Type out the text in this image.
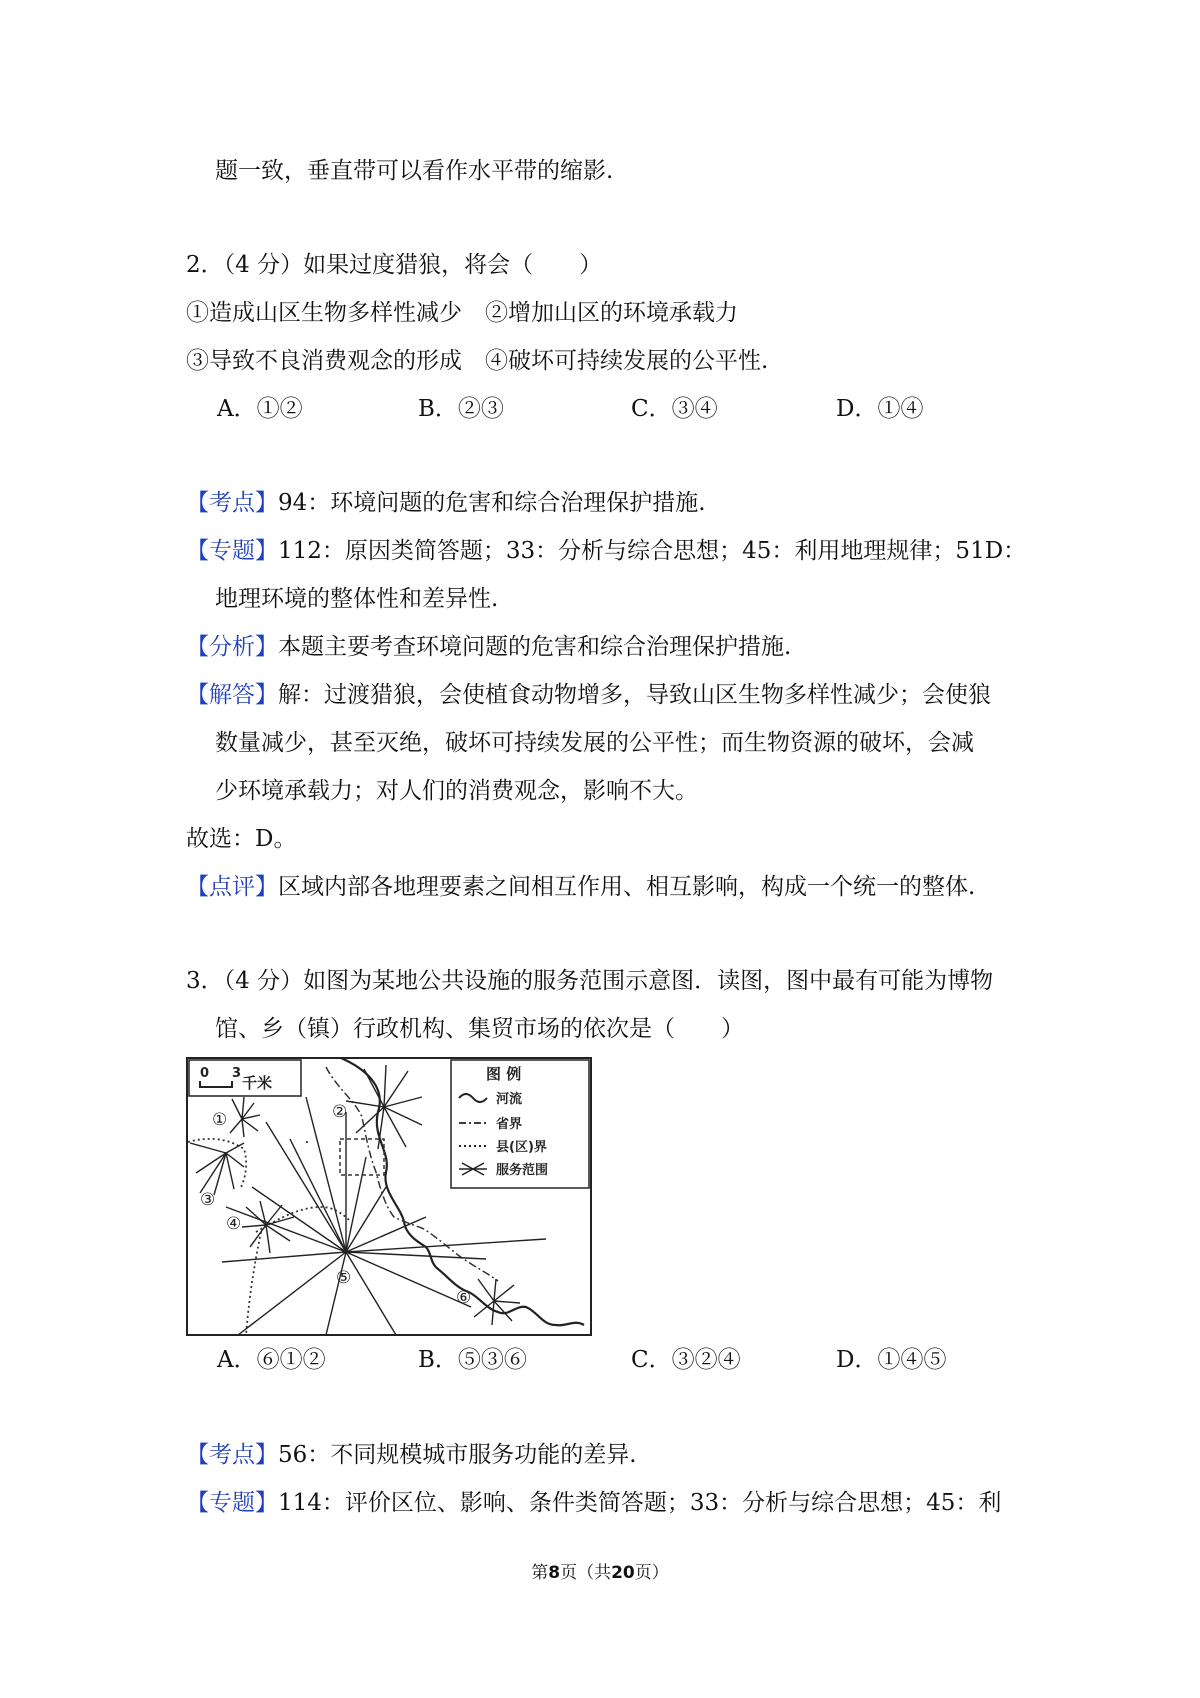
题一致，垂直带可以看作水平带的缩影.
2．（4 分）如果过度猎狼，将会（　　）
①造成山区生物多样性减少　②增加山区的环境承载力
③导致不良消费观念的形成　④破坏可持续发展的公平性.
A．①②	B．②③	C．③④	D．①④
【考点】94：环境问题的危害和综合治理保护措施.
【专题】112：原因类简答题；33：分析与综合思想；45：利用地理规律；51D：
地理环境的整体性和差异性.
【分析】本题主要考查环境问题的危害和综合治理保护措施.
【解答】解：过渡猎狼，会使植食动物增多，导致山区生物多样性减少；会使狼
数量减少，甚至灭绝，破坏可持续发展的公平性；而生物资源的破坏，会减
少环境承载力；对人们的消费观念，影响不大。
故选：D。
【点评】区域内部各地理要素之间相互作用、相互影响，构成一个统一的整体.
3．（4 分）如图为某地公共设施的服务范围示意图．读图，图中最有可能为博物
馆、乡（镇）行政机构、集贸市场的依次是（　　）
0 3
千米	图 例
河流
省界
县(区)界
服务范围
①	②
③
④
⑤
⑥
A．⑥①②	B．⑤③⑥	C．③②④	D．①④⑤
【考点】56：不同规模城市服务功能的差异.
【专题】114：评价区位、影响、条件类简答题；33：分析与综合思想；45：利
第8页（共20页）
